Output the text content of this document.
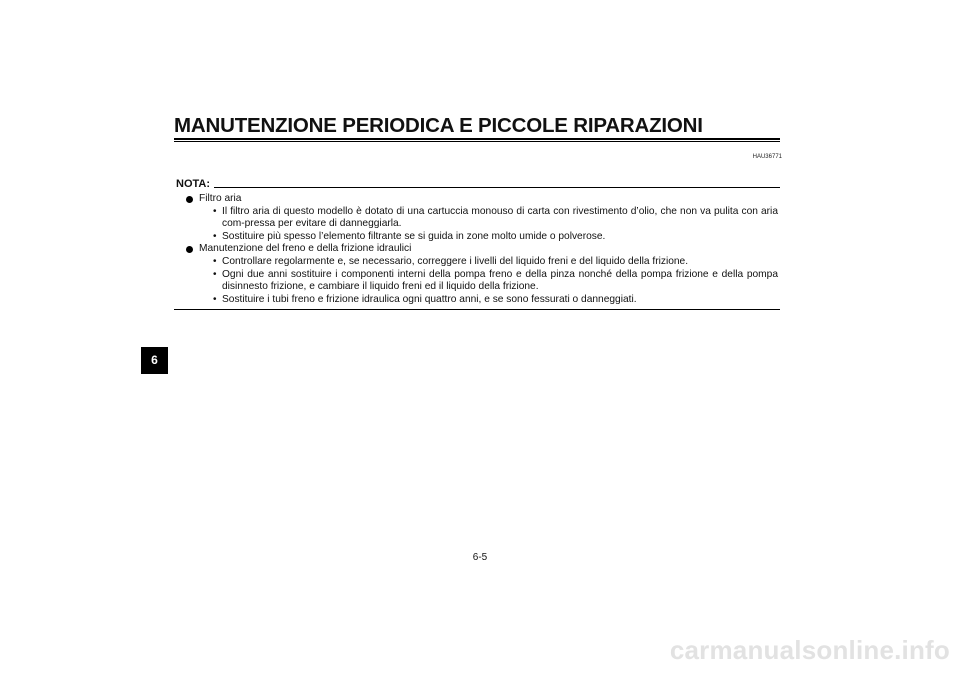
MANUTENZIONE PERIODICA E PICCOLE RIPARAZIONI
HAU36771
NOTA:
Filtro aria
• Il filtro aria di questo modello è dotato di una cartuccia monouso di carta con rivestimento d’olio, che non va pulita con aria com-pressa per evitare di danneggiarla.
• Sostituire più spesso l’elemento filtrante se si guida in zone molto umide o polverose.
Manutenzione del freno e della frizione idraulici
• Controllare regolarmente e, se necessario, correggere i livelli del liquido freni e del liquido della frizione.
• Ogni due anni sostituire i componenti interni della pompa freno e della pinza nonché della pompa frizione e della pompa disinnesto frizione, e cambiare il liquido freni ed il liquido della frizione.
• Sostituire i tubi freno e frizione idraulica ogni quattro anni, e se sono fessurati o danneggiati.
6
6-5
carmanualsonline.info
